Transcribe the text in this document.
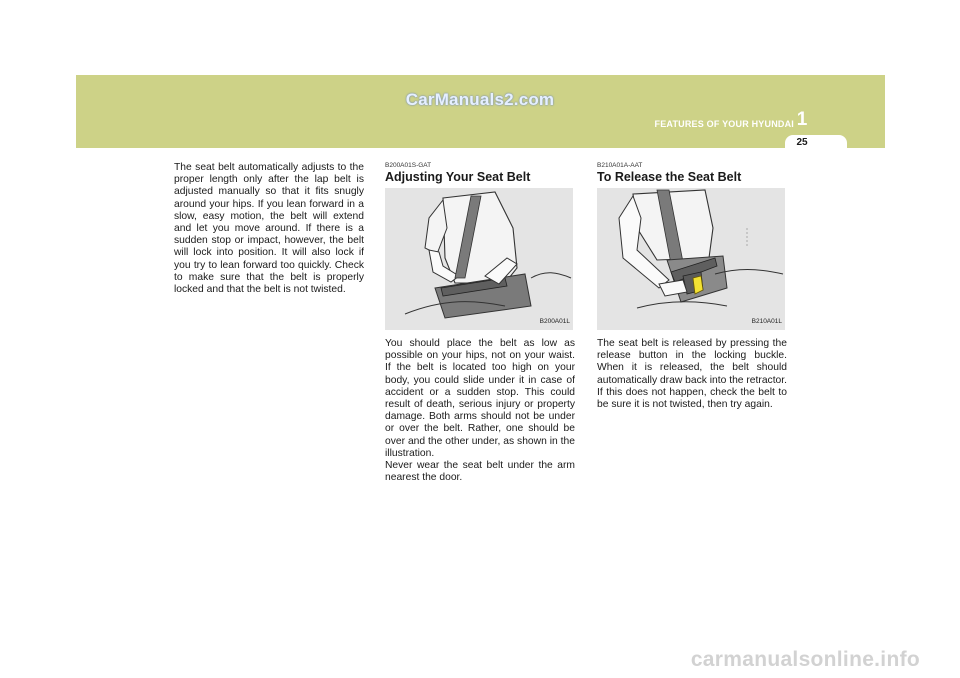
CarManuals2.com
FEATURES OF YOUR HYUNDAI 1
25

The seat belt automatically adjusts to the proper length only after the lap belt is adjusted manually so that it fits snugly around your hips. If you lean forward in a slow, easy motion, the belt will extend and let you move around. If there is a sudden stop or impact, however, the belt will lock into position. It will also lock if you try to lean forward too quickly. Check to make sure that the belt is properly locked and that the belt is not twisted.

B200A01S-GAT
Adjusting Your Seat Belt
B200A01L

You should place the belt as low as possible on your hips, not on your waist. If the belt is located too high on your body, you could slide under it in case of accident or a sudden stop. This could result of death, serious injury or property damage. Both arms should not be under or over the belt. Rather, one should be over and the other under, as shown in the illustration.

Never wear the seat belt under the arm nearest the door.

B210A01A-AAT
To Release the Seat Belt
B210A01L

The seat belt is released by pressing the release button in the locking buckle. When it is released, the belt should automatically draw back into the retractor.

If this does not happen, check the belt to be sure it is not twisted, then try again.

carmanualsonline.info
